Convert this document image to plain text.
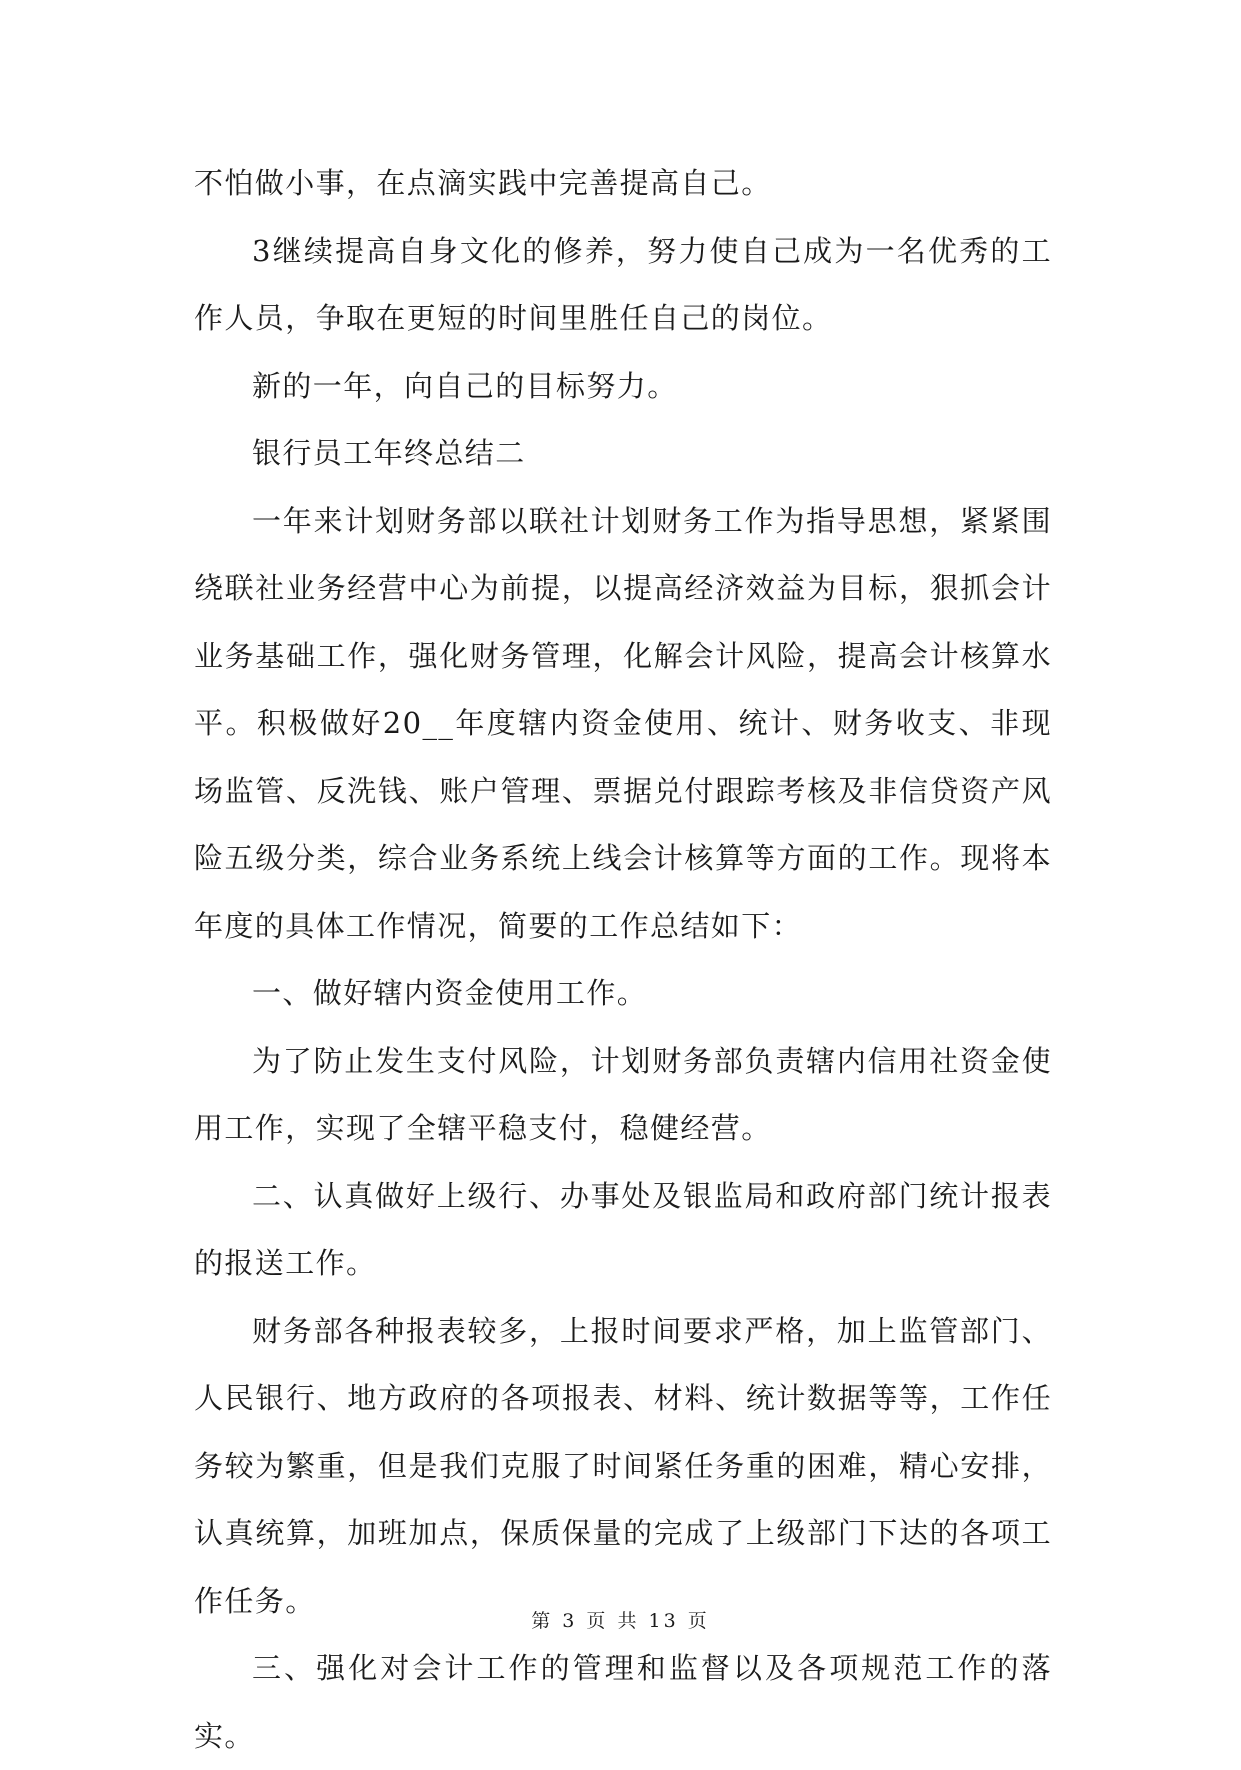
不怕做小事，在点滴实践中完善提高自己。

3继续提高自身文化的修养，努力使自己成为一名优秀的工作人员，争取在更短的时间里胜任自己的岗位。

新的一年，向自己的目标努力。

银行员工年终总结二

一年来计划财务部以联社计划财务工作为指导思想，紧紧围绕联社业务经营中心为前提，以提高经济效益为目标，狠抓会计业务基础工作，强化财务管理，化解会计风险，提高会计核算水平。积极做好20__年度辖内资金使用、统计、财务收支、非现场监管、反洗钱、账户管理、票据兑付跟踪考核及非信贷资产风险五级分类，综合业务系统上线会计核算等方面的工作。现将本年度的具体工作情况，简要的工作总结如下：

一、做好辖内资金使用工作。

为了防止发生支付风险，计划财务部负责辖内信用社资金使用工作，实现了全辖平稳支付，稳健经营。

二、认真做好上级行、办事处及银监局和政府部门统计报表的报送工作。

财务部各种报表较多，上报时间要求严格，加上监管部门、人民银行、地方政府的各项报表、材料、统计数据等等，工作任务较为繁重，但是我们克服了时间紧任务重的困难，精心安排，认真统算，加班加点，保质保量的完成了上级部门下达的各项工作任务。

三、强化对会计工作的管理和监督以及各项规范工作的落实。

第 3 页 共 13 页
